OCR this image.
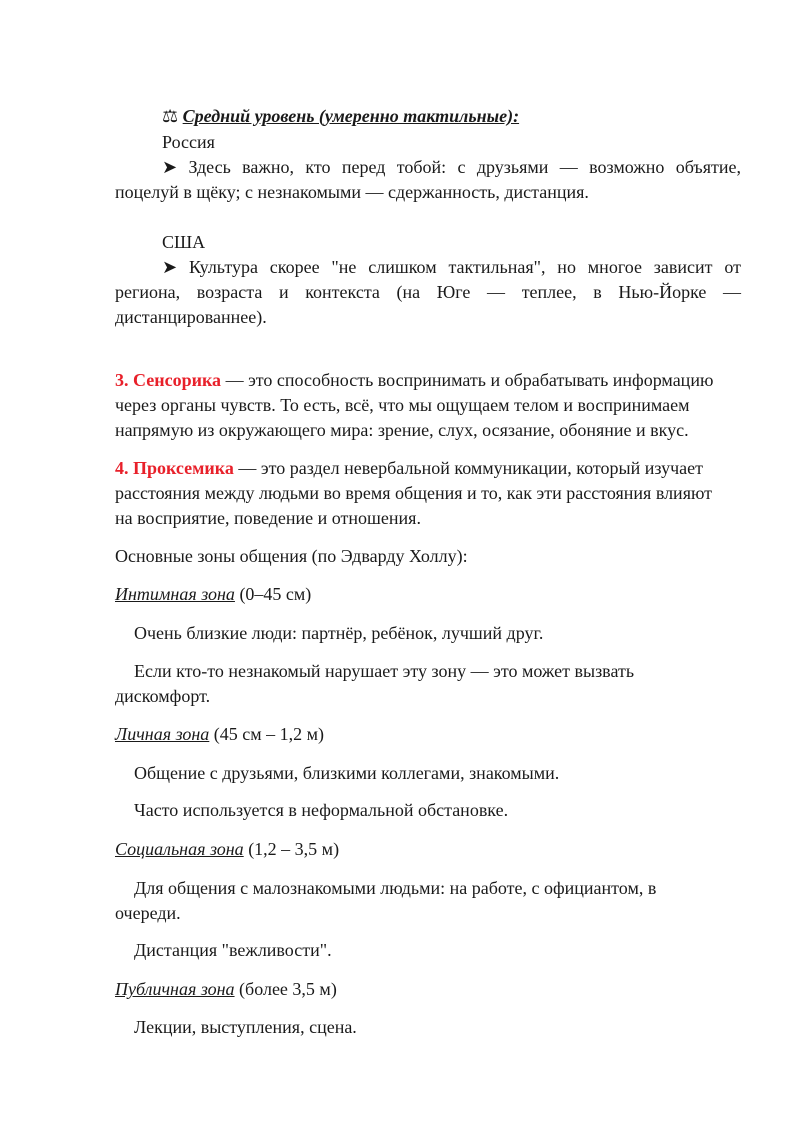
⚖ Средний уровень (умеренно тактильные):
Россия
➤ Здесь важно, кто перед тобой: с друзьями — возможно объятие,
поцелуй в щёку; с незнакомыми — сдержанность, дистанция.
США
➤ Культура скорее "не слишком тактильная", но многое зависит от
региона, возраста и контекста (на Юге — теплее, в Нью-Йорке —
дистанцированнее).
3. Сенсорика — это способность воспринимать и обрабатывать информацию
через органы чувств. То есть, всё, что мы ощущаем телом и воспринимаем
напрямую из окружающего мира: зрение, слух, осязание, обоняние и вкус.
4. Проксемика — это раздел невербальной коммуникации, который изучает
расстояния между людьми во время общения и то, как эти расстояния влияют
на восприятие, поведение и отношения.
Основные зоны общения (по Эдварду Холлу):
Интимная зона (0–45 см)
Очень близкие люди: партнёр, ребёнок, лучший друг.
Если кто-то незнакомый нарушает эту зону — это может вызвать
дискомфорт.
Личная зона (45 см – 1,2 м)
Общение с друзьями, близкими коллегами, знакомыми.
Часто используется в неформальной обстановке.
Социальная зона (1,2 – 3,5 м)
Для общения с малознакомыми людьми: на работе, с официантом, в
очереди.
Дистанция "вежливости".
Публичная зона (более 3,5 м)
Лекции, выступления, сцена.
